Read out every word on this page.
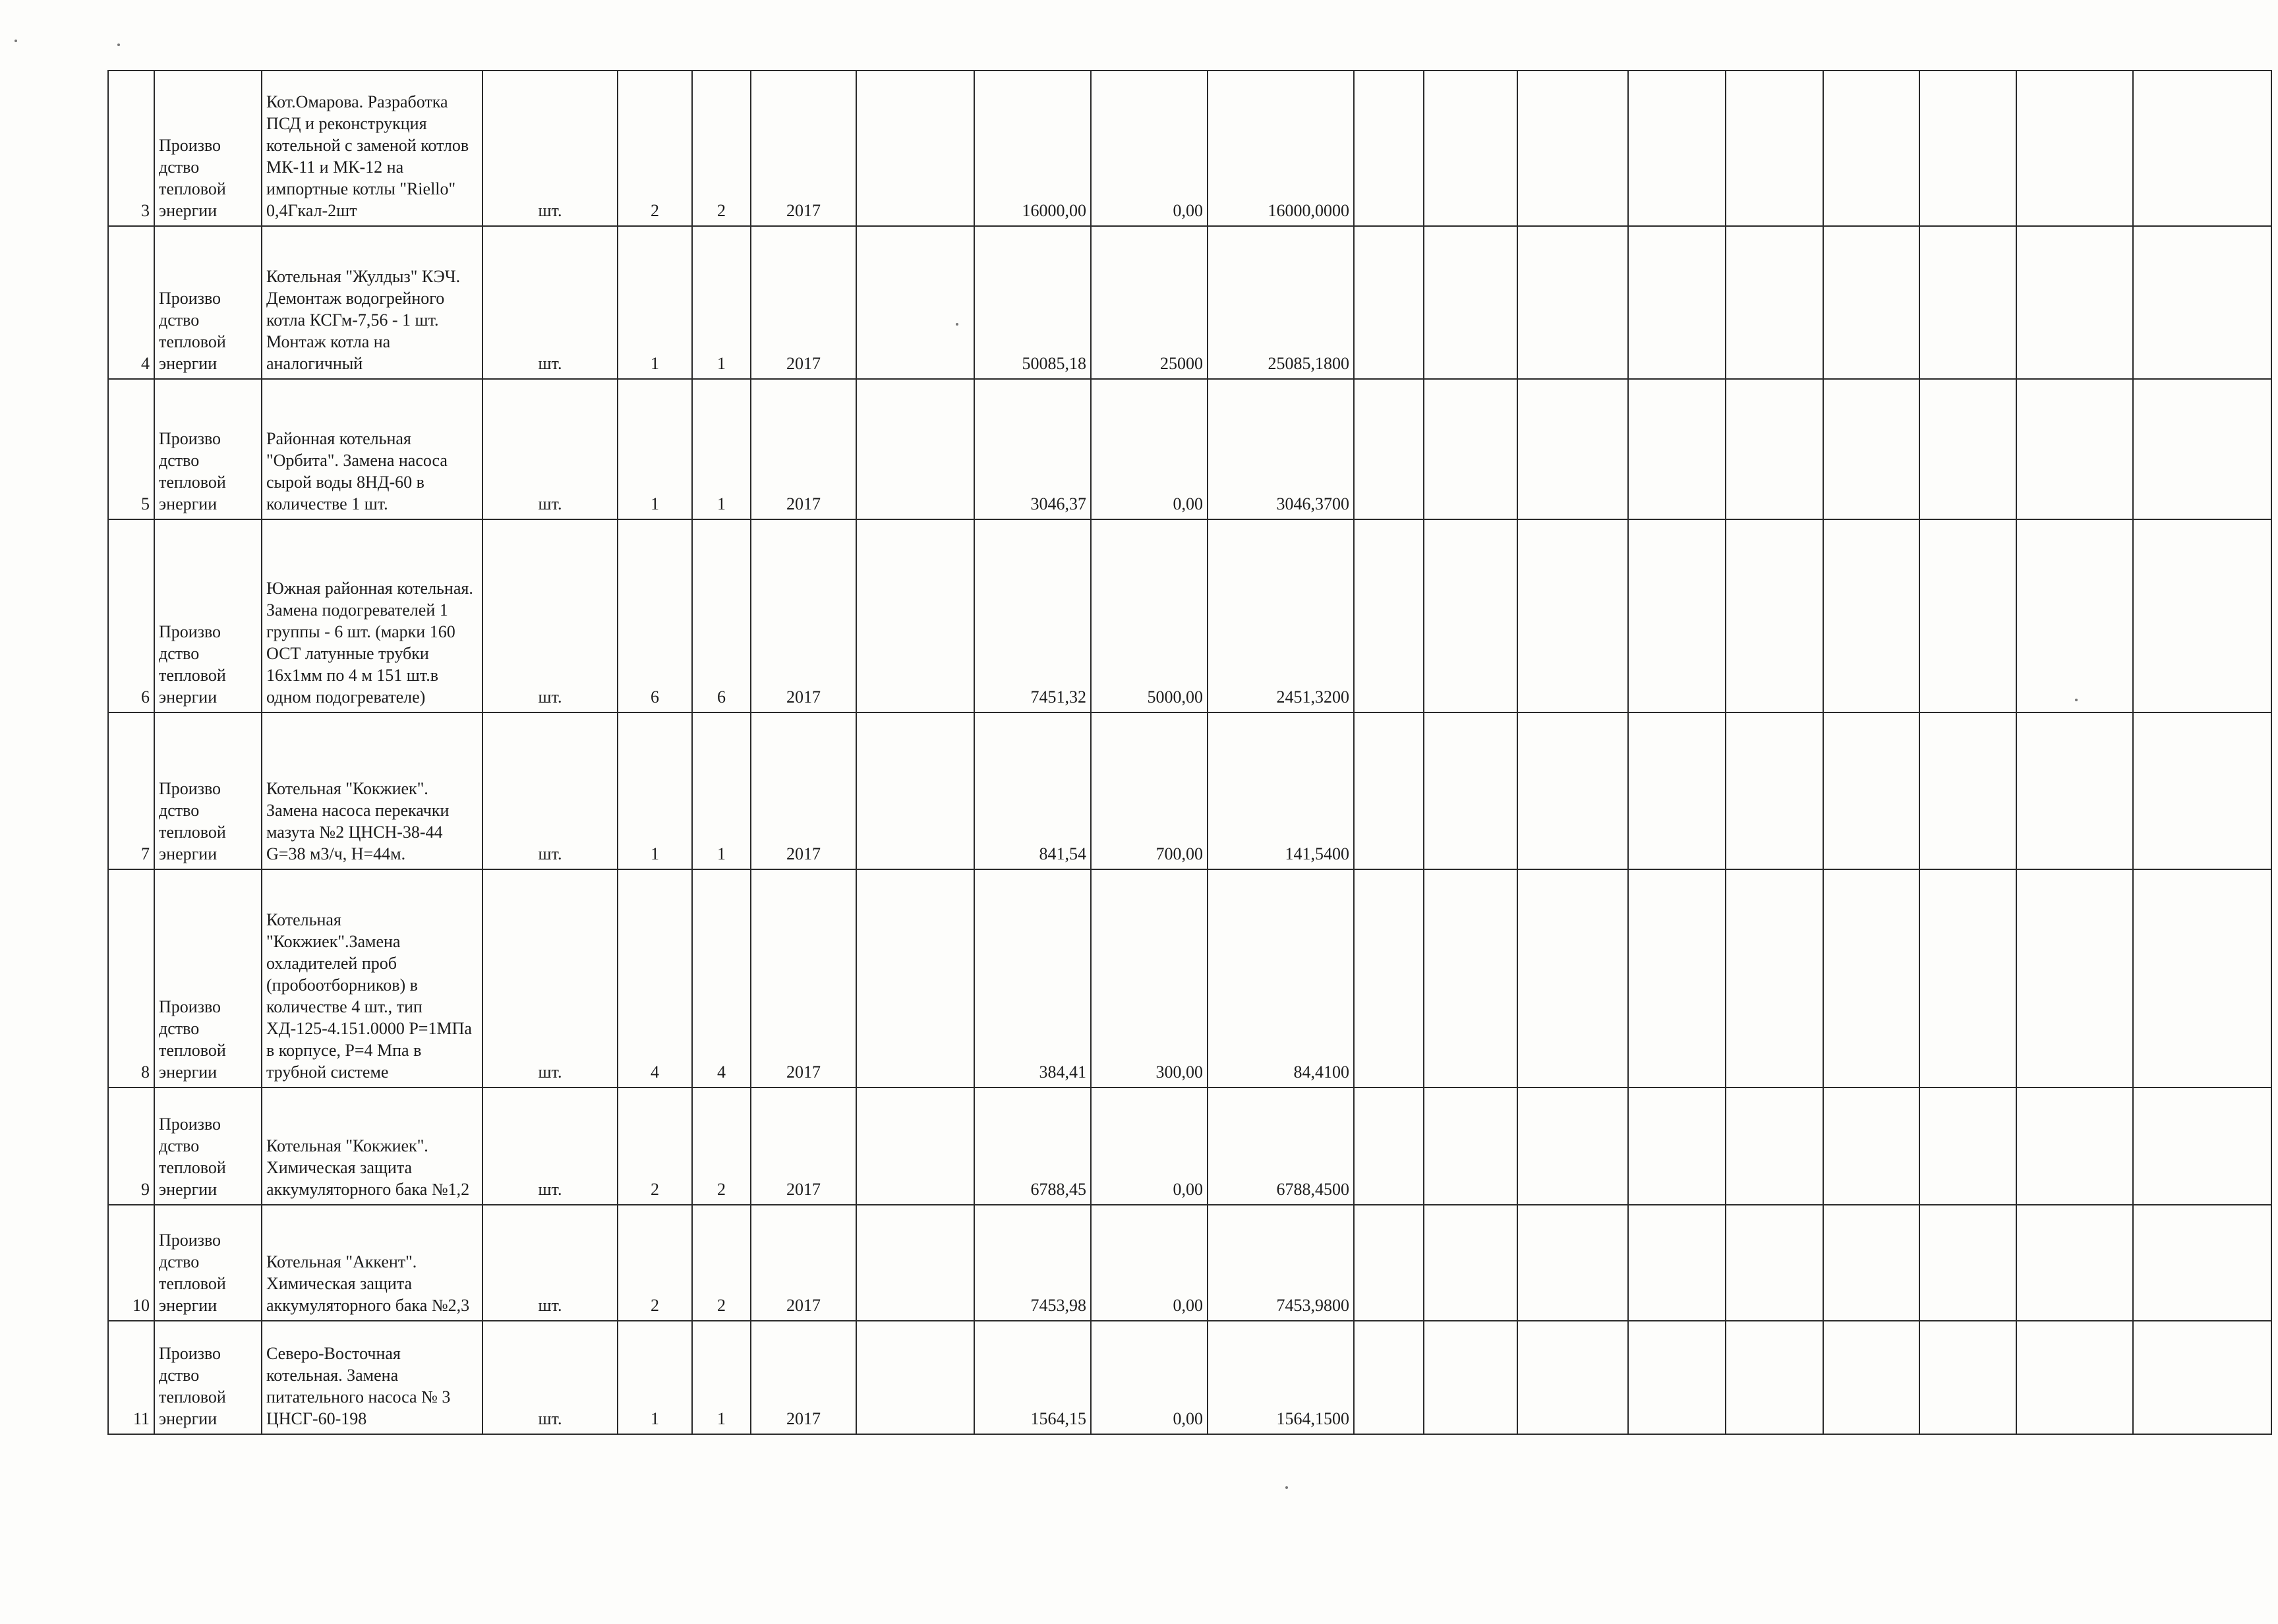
3	Произво дство тепловой энергии	Кот.Омарова. Разработка ПСД и реконструкция котельной с заменой котлов МК-11 и МК-12 на импортные котлы "Riello" 0,4Гкал-2шт	шт.	2	2	2017		16000,00	0,00	16000,0000									
4	Произво дство тепловой энергии	Котельная "Жулдыз" КЭЧ. Демонтаж водогрейного котла КСГм-7,56 - 1 шт. Монтаж котла на аналогичный	шт.	1	1	2017		50085,18	25000	25085,1800									
5	Произво дство тепловой энергии	Районная котельная "Орбита". Замена насоса сырой воды 8НД-60 в количестве 1 шт.	шт.	1	1	2017		3046,37	0,00	3046,3700									
6	Произво дство тепловой энергии	Южная районная котельная. Замена подогревателей 1 группы - 6 шт. (марки 160 ОСТ латунные трубки 16х1мм по 4 м 151 шт.в одном подогревателе)	шт.	6	6	2017		7451,32	5000,00	2451,3200									
7	Произво дство тепловой энергии	Котельная "Кокжиек". Замена насоса перекачки мазута №2 ЦНСН-38-44 G=38 м3/ч, Н=44м.	шт.	1	1	2017		841,54	700,00	141,5400									
8	Произво дство тепловой энергии	Котельная "Кокжиек".Замена охладителей проб (пробоотборников) в количестве 4 шт., тип ХД-125-4.151.0000 Р=1МПа в корпусе, Р=4 Мпа в трубной системе	шт.	4	4	2017		384,41	300,00	84,4100									
9	Произво дство тепловой энергии	Котельная "Кокжиек". Химическая защита аккумуляторного бака №1,2	шт.	2	2	2017		6788,45	0,00	6788,4500									
10	Произво дство тепловой энергии	Котельная "Аккент". Химическая защита аккумуляторного бака №2,3	шт.	2	2	2017		7453,98	0,00	7453,9800									
11	Произво дство тепловой энергии	Северо-Восточная котельная. Замена питательного насоса № 3 ЦНСГ-60-198	шт.	1	1	2017		1564,15	0,00	1564,1500									
